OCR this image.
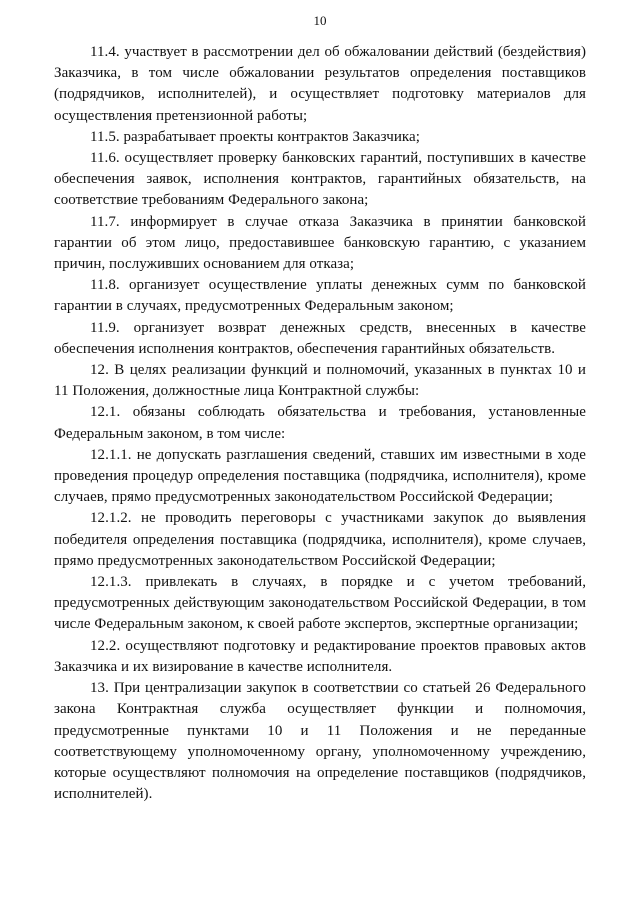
10

11.4. участвует в рассмотрении дел об обжаловании действий (бездействия) Заказчика, в том числе обжаловании результатов определения поставщиков (подрядчиков, исполнителей), и осуществляет подготовку материалов для осуществления претензионной работы;

11.5. разрабатывает проекты контрактов Заказчика;

11.6. осуществляет проверку банковских гарантий, поступивших в качестве обеспечения заявок, исполнения контрактов, гарантийных обязательств, на соответствие требованиям Федерального закона;

11.7. информирует в случае отказа Заказчика в принятии банковской гарантии об этом лицо, предоставившее банковскую гарантию, с указанием причин, послуживших основанием для отказа;

11.8. организует осуществление уплаты денежных сумм по банковской гарантии в случаях, предусмотренных Федеральным законом;

11.9. организует возврат денежных средств, внесенных в качестве обеспечения исполнения контрактов, обеспечения гарантийных обязательств.

12. В целях реализации функций и полномочий, указанных в пунктах 10 и 11 Положения, должностные лица Контрактной службы:

12.1. обязаны соблюдать обязательства и требования, установленные Федеральным законом, в том числе:

12.1.1. не допускать разглашения сведений, ставших им известными в ходе проведения процедур определения поставщика (подрядчика, исполнителя), кроме случаев, прямо предусмотренных законодательством Российской Федерации;

12.1.2. не проводить переговоры с участниками закупок до выявления победителя определения поставщика (подрядчика, исполнителя), кроме случаев, прямо предусмотренных законодательством Российской Федерации;

12.1.3. привлекать в случаях, в порядке и с учетом требований, предусмотренных действующим законодательством Российской Федерации, в том числе Федеральным законом, к своей работе экспертов, экспертные организации;

12.2. осуществляют подготовку и редактирование проектов правовых актов Заказчика и их визирование в качестве исполнителя.

13. При централизации закупок в соответствии со статьей 26 Федерального закона Контрактная служба осуществляет функции и полномочия, предусмотренные пунктами 10 и 11 Положения и не переданные соответствующему уполномоченному органу, уполномоченному учреждению, которые осуществляют полномочия на определение поставщиков (подрядчиков, исполнителей).
